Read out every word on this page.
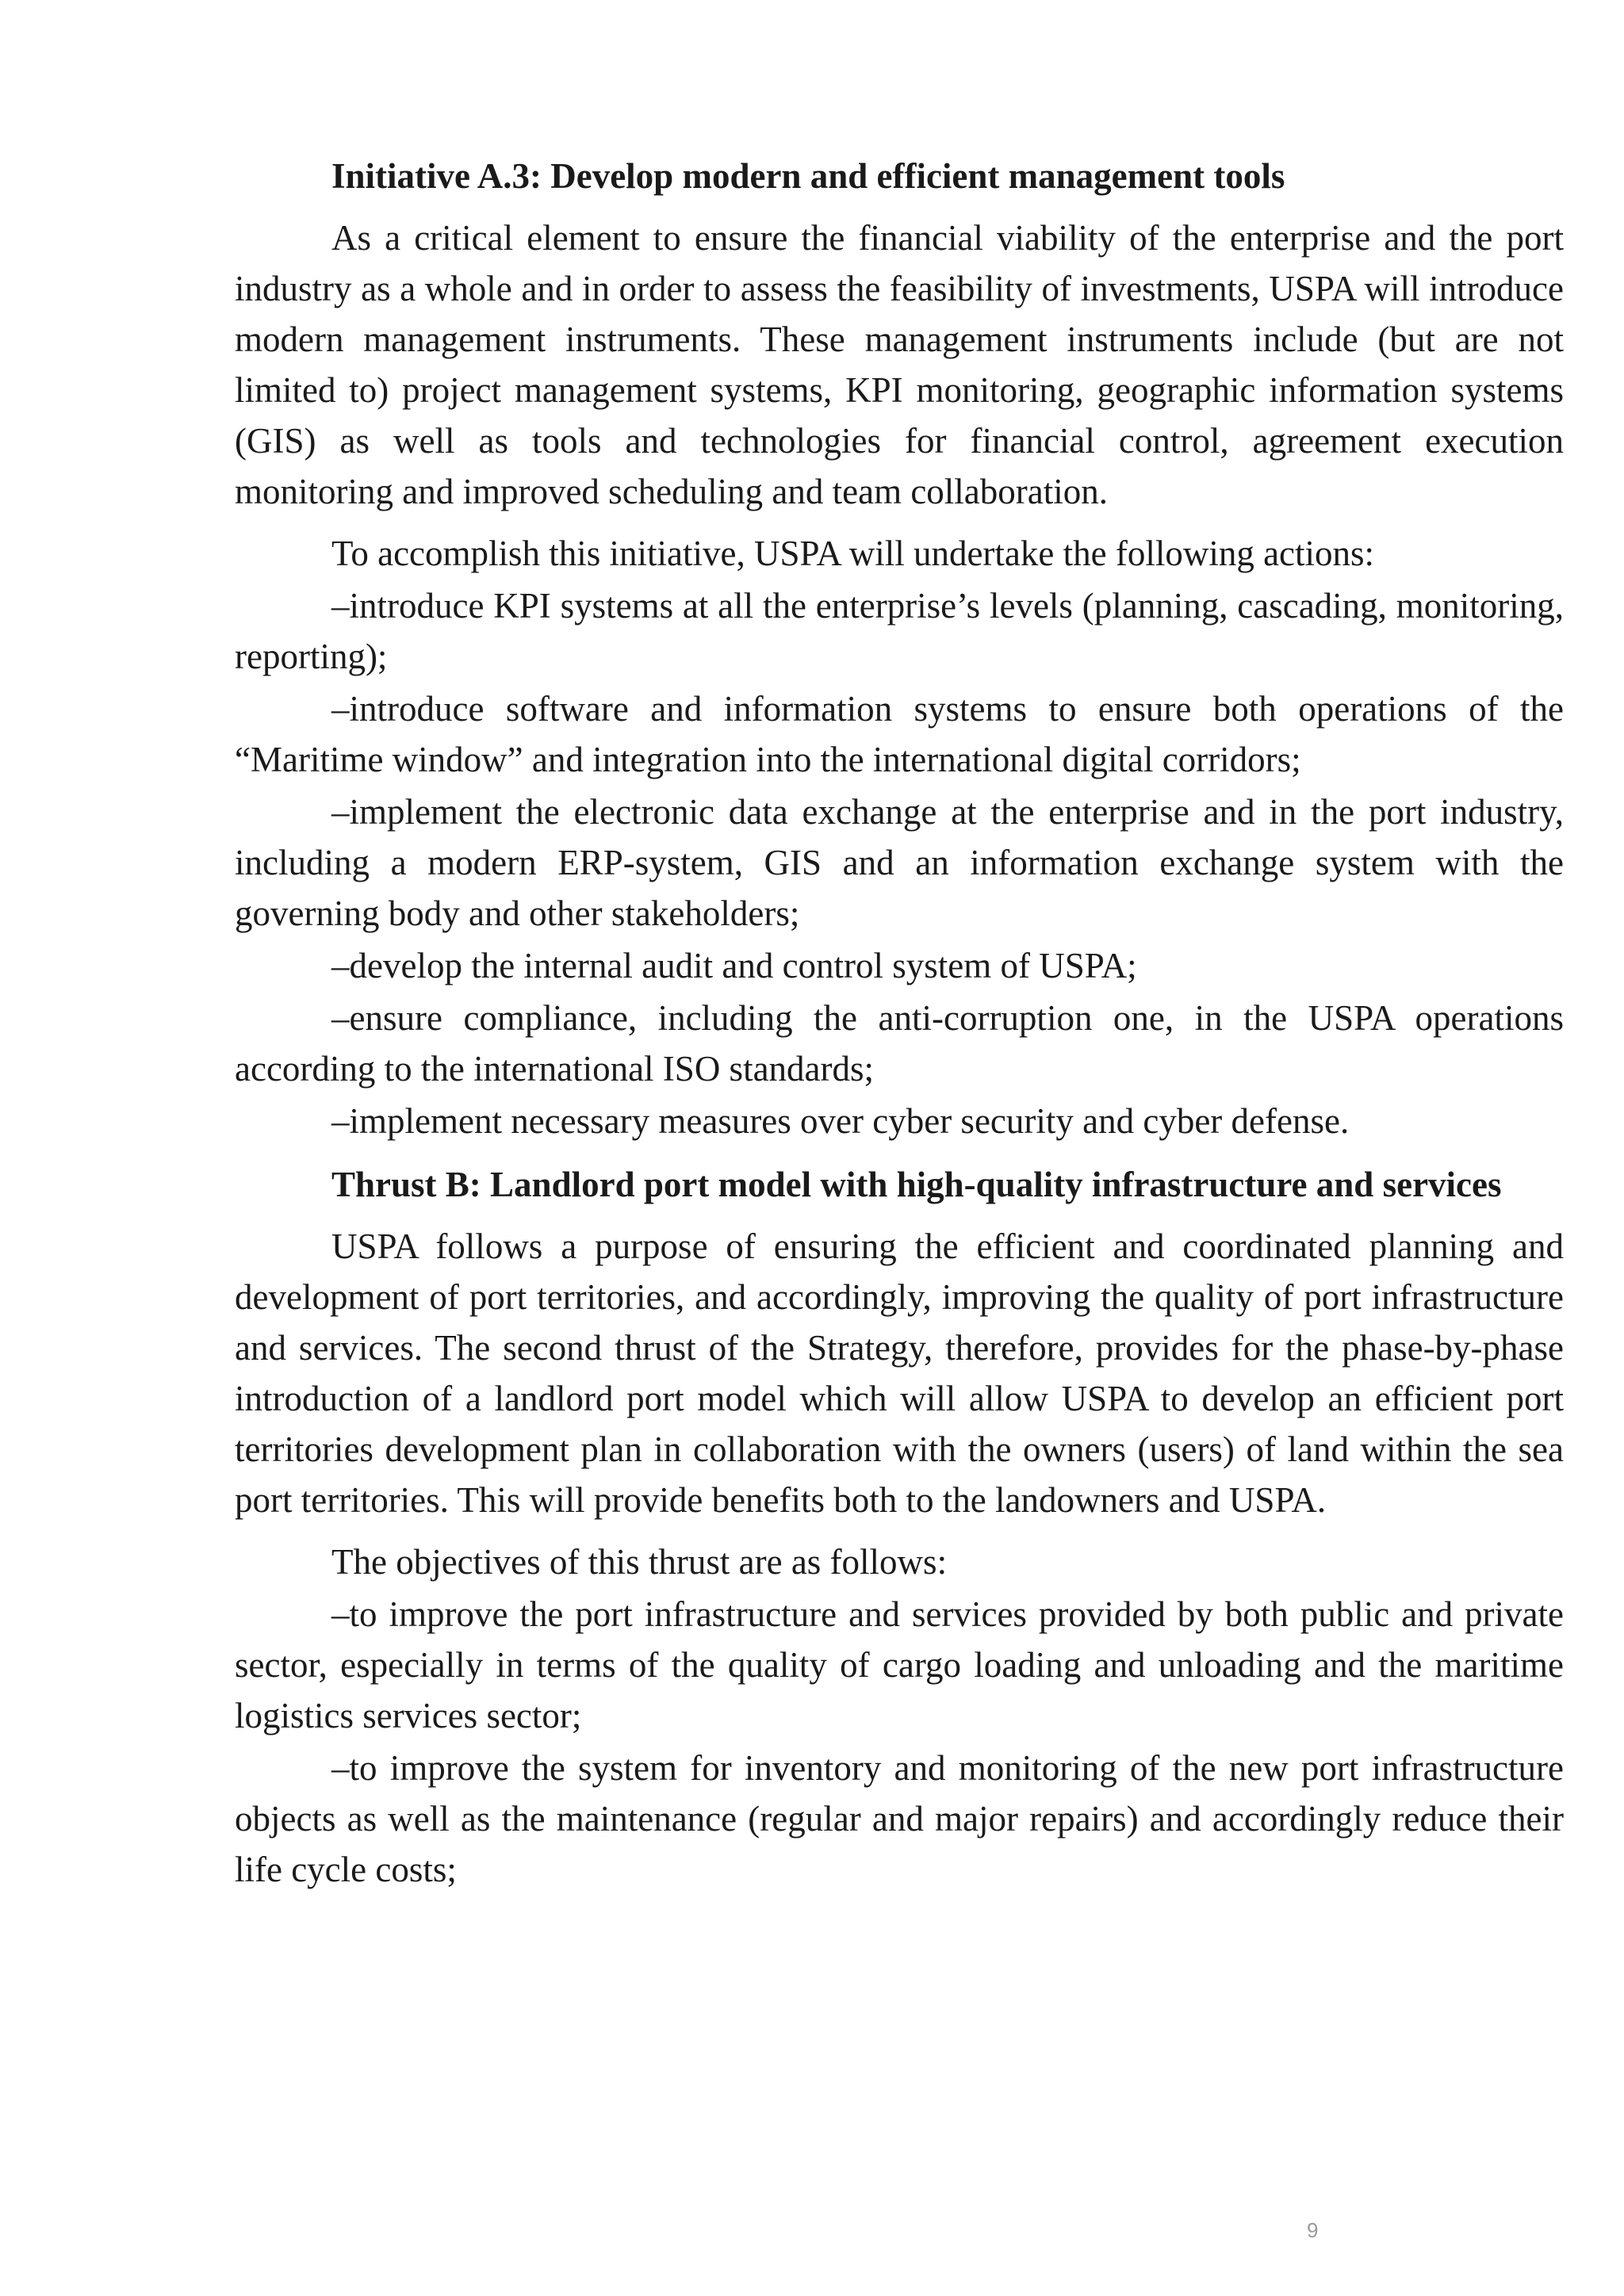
Initiative A.3: Develop modern and efficient management tools

As a critical element to ensure the financial viability of the enterprise and the port industry as a whole and in order to assess the feasibility of investments, USPA will introduce modern management instruments. These management instruments include (but are not limited to) project management systems, KPI monitoring, geographic information systems (GIS) as well as tools and technologies for financial control, agreement execution monitoring and improved scheduling and team collaboration.

To accomplish this initiative, USPA will undertake the following actions:

–introduce KPI systems at all the enterprise’s levels (planning, cascading, monitoring, reporting);

–introduce software and information systems to ensure both operations of the “Maritime window” and integration into the international digital corridors;

–implement the electronic data exchange at the enterprise and in the port industry, including a modern ERP-system, GIS and an information exchange system with the governing body and other stakeholders;

–develop the internal audit and control system of USPA;

–ensure compliance, including the anti-corruption one, in the USPA operations according to the international ISO standards;

–implement necessary measures over cyber security and cyber defense.

Thrust B: Landlord port model with high-quality infrastructure and services

USPA follows a purpose of ensuring the efficient and coordinated planning and development of port territories, and accordingly, improving the quality of port infrastructure and services. The second thrust of the Strategy, therefore, provides for the phase-by-phase introduction of a landlord port model which will allow USPA to develop an efficient port territories development plan in collaboration with the owners (users) of land within the sea port territories. This will provide benefits both to the landowners and USPA.

The objectives of this thrust are as follows:

–to improve the port infrastructure and services provided by both public and private sector, especially in terms of the quality of cargo loading and unloading and the maritime logistics services sector;

–to improve the system for inventory and monitoring of the new port infrastructure objects as well as the maintenance (regular and major repairs) and accordingly reduce their life cycle costs;

9
